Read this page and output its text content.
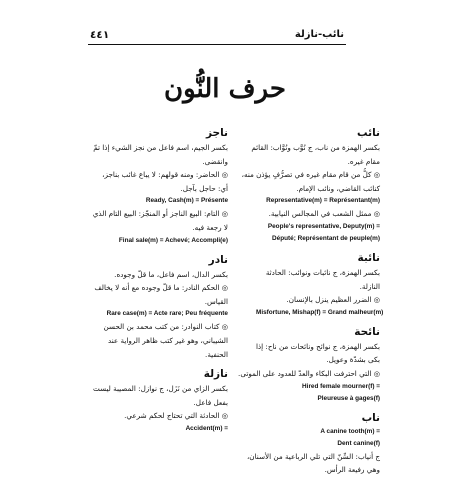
٤٤١	نائب-نازلة
حرف النُّون
نائب
بكسر الهمزة من ناب، ج نُوَّب ونُوَّاب: القائم
مقام غيره.
◎ كلُّ من قام مقام غيره في تصرُّفٍ يؤذن منه،
كنائب القاضي، ونائب الإمام.
Representative(m) = Représentant(m)
◎ ممثل الشعب في المجالس النيابية.
People's representative, Deputy(m) =
Député; Représentant de peuple(m)
نائبة
بكسر الهمزة، ج نائبات ونوائب: الحادثة
النازلة.
◎ الضرر العظيم ينزل بالإنسان.
Misfortune, Mishap(f) = Grand malheur(m)
نائحة
بكسر الهمزة، ج نوائح ونائحات من ناح: إذا
بكى بشدّة وعويل.
◎ التي احترفت البكاء والعدّ للعدود على الموتى.
Hired female mourner(f) =
Pleureuse à gages(f)
ناب
A canine tooth(m) =
Dent canine(f)
ج أنياب: السِّنّ التي تلي الرباعية من الأسنان،
وهي رفيعة الرأس.
ناجز
بكسر الجيم، اسم فاعل من نجز الشيء إذا تمّ
وانقضى.
◎ الحاضر: ومنه قولهم: لا يباع غائب بناجز،
أي: حاجل بآجل.
Ready, Cash(m) = Présente
◎ التام: البيع الناجز أو المنجّز: البيع التام الذي
لا رجعة فيه.
Final sale(m) = Achevé; Accompli(e)
نادر
بكسر الدال، اسم فاعل، ما قلّ وجوده.
◎ الحكم النادر: ما قلّ وجوده مع أنه لا يخالف
القياس.
Rare case(m) = Acte rare; Peu fréquente
◎ كتاب النوادر: من كتب محمد بن الحسن
الشيباني، وهو غير كتب ظاهر الرواية عند
الحنفية.
نازلة
بكسر الزاي من نَزَل، ج نوازل: المصيبة ليست
بفعل فاعل.
◎ الحادثة التي تحتاج لحكم شرعي.
Accident(m) =
